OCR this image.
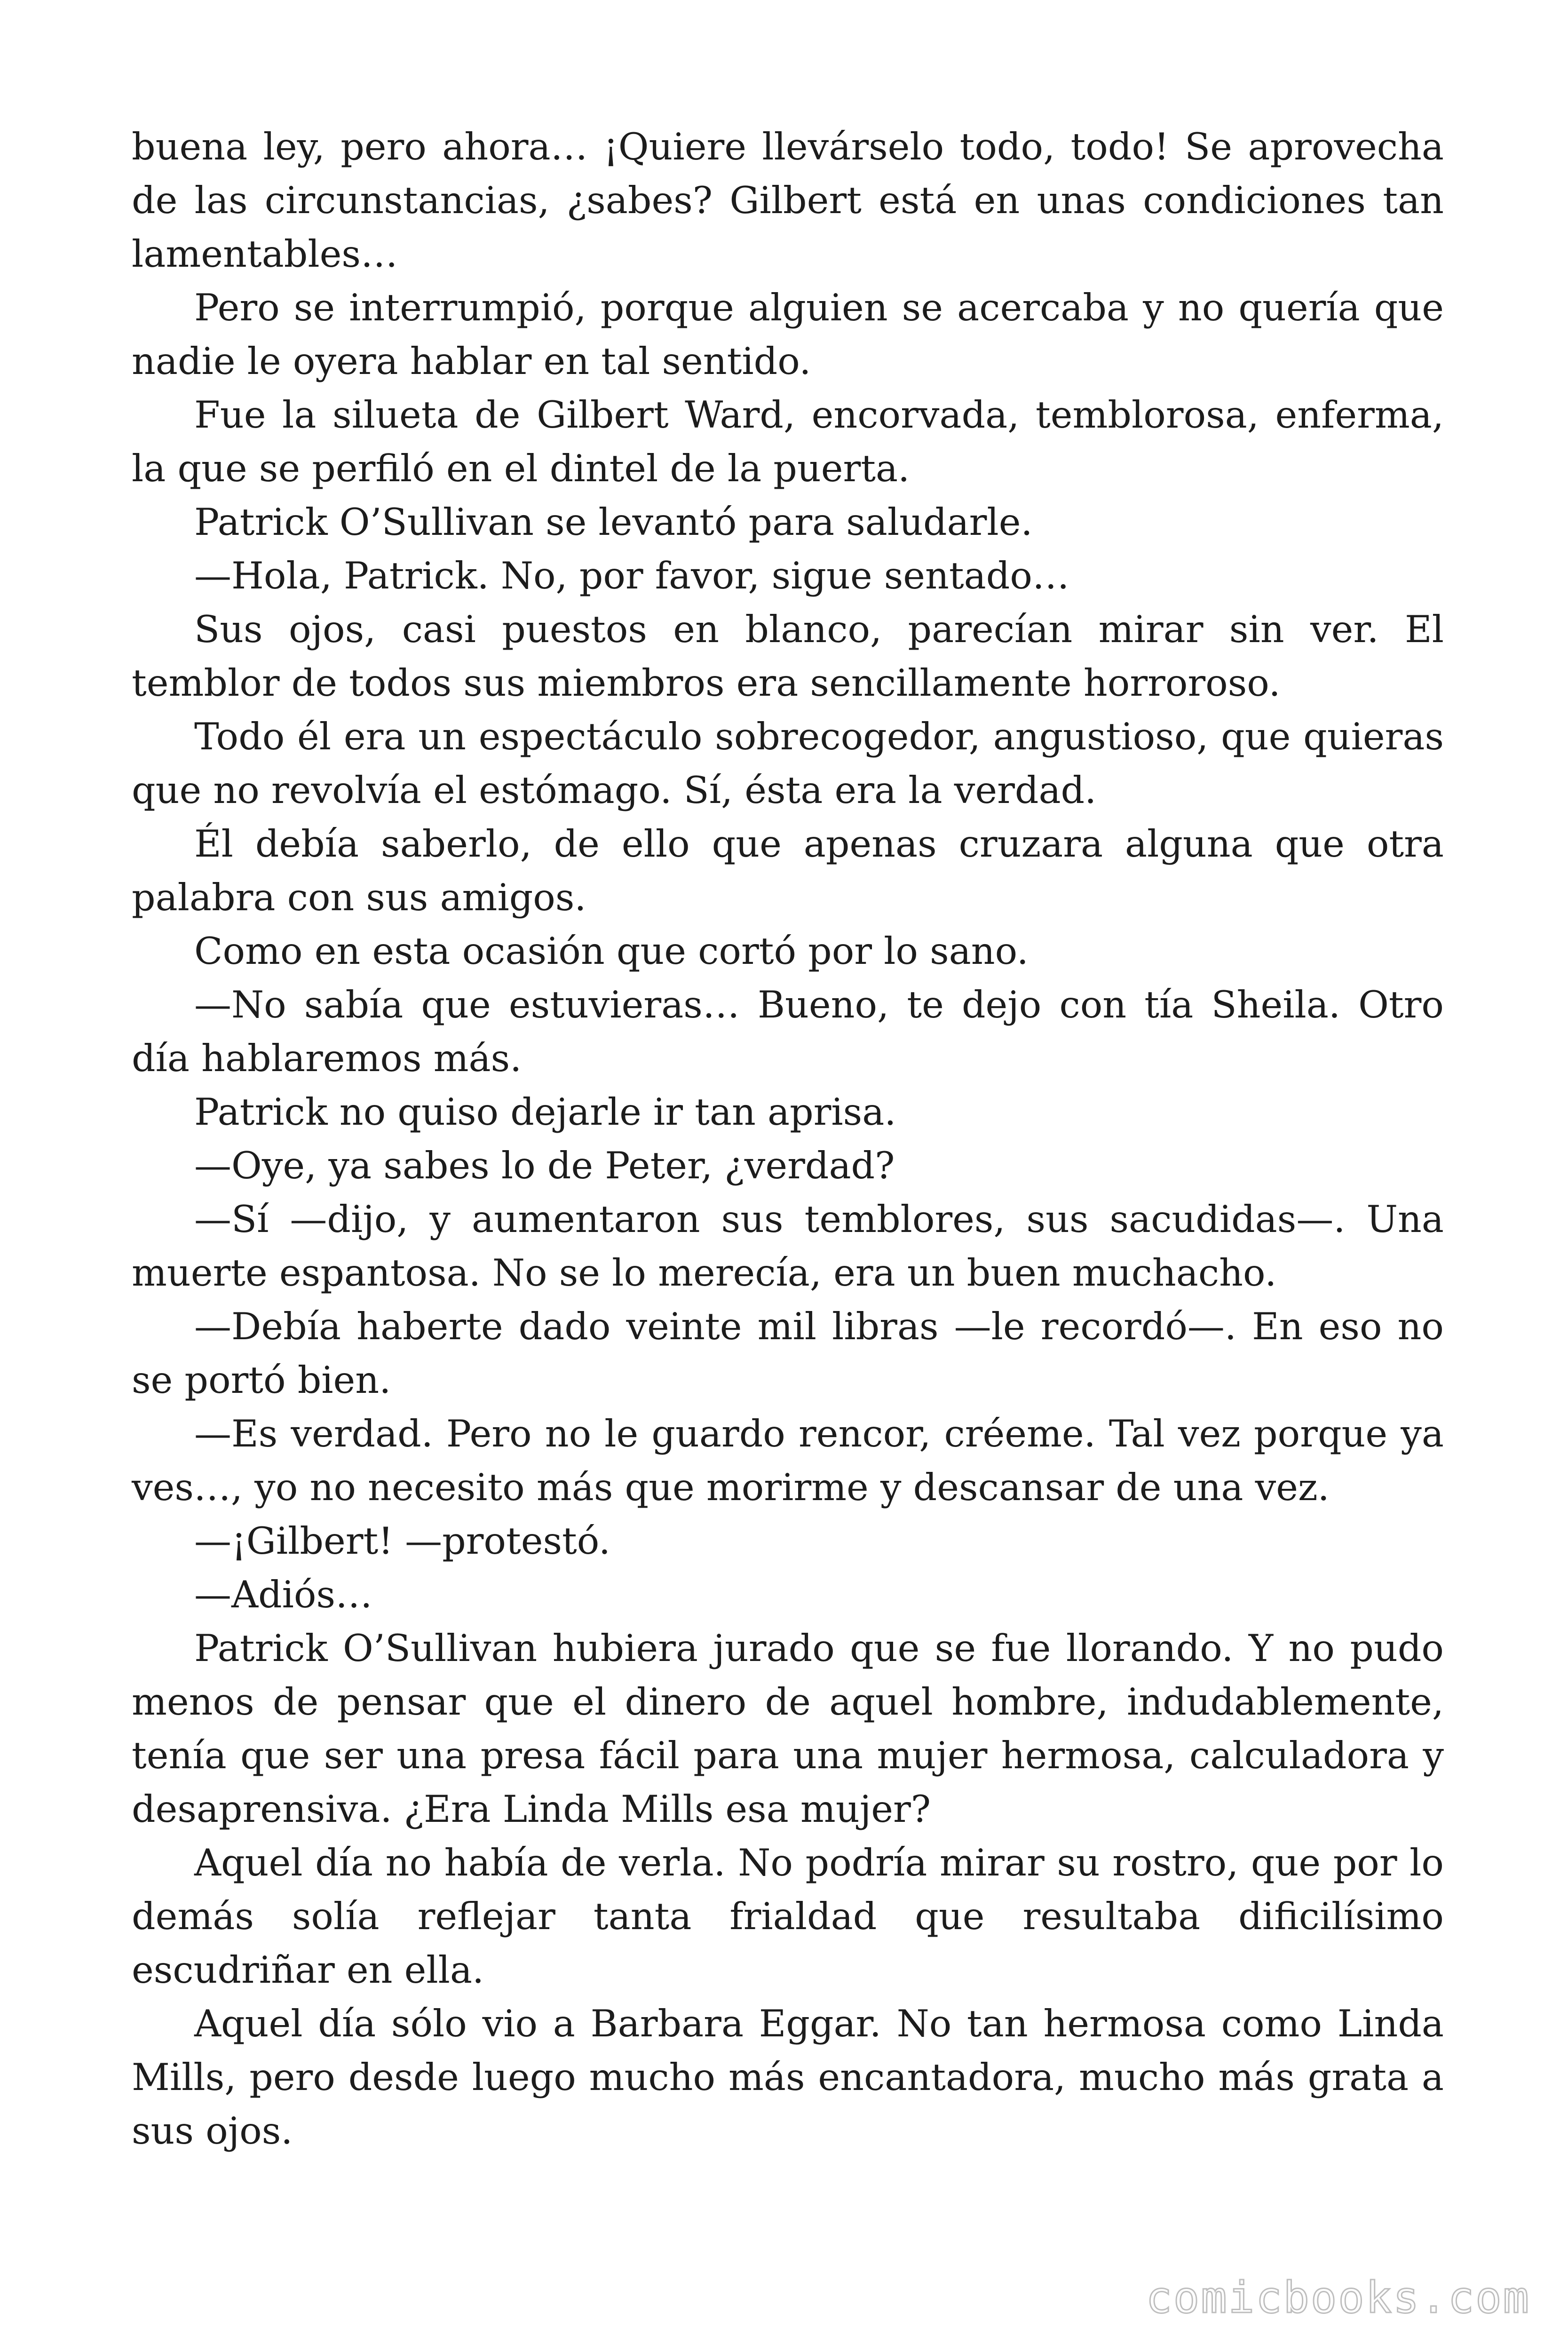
buena ley, pero ahora… ¡Quiere llevárselo todo, todo! Se aprovecha de las circunstancias, ¿sabes? Gilbert está en unas condiciones tan lamentables…

Pero se interrumpió, porque alguien se acercaba y no quería que nadie le oyera hablar en tal sentido.

Fue la silueta de Gilbert Ward, encorvada, temblorosa, enferma, la que se perfiló en el dintel de la puerta.

Patrick O’Sullivan se levantó para saludarle.

—Hola, Patrick. No, por favor, sigue sentado…

Sus ojos, casi puestos en blanco, parecían mirar sin ver. El temblor de todos sus miembros era sencillamente horroroso.

Todo él era un espectáculo sobrecogedor, angustioso, que quieras que no revolvía el estómago. Sí, ésta era la verdad.

Él debía saberlo, de ello que apenas cruzara alguna que otra palabra con sus amigos.

Como en esta ocasión que cortó por lo sano.

—No sabía que estuvieras… Bueno, te dejo con tía Sheila. Otro día hablaremos más.

Patrick no quiso dejarle ir tan aprisa.

—Oye, ya sabes lo de Peter, ¿verdad?

—Sí —dijo, y aumentaron sus temblores, sus sacudidas—. Una muerte espantosa. No se lo merecía, era un buen muchacho.

—Debía haberte dado veinte mil libras —le recordó—. En eso no se portó bien.

—Es verdad. Pero no le guardo rencor, créeme. Tal vez porque ya ves…, yo no necesito más que morirme y descansar de una vez.

—¡Gilbert! —protestó.

—Adiós…

Patrick O’Sullivan hubiera jurado que se fue llorando. Y no pudo menos de pensar que el dinero de aquel hombre, indudablemente, tenía que ser una presa fácil para una mujer hermosa, calculadora y desaprensiva. ¿Era Linda Mills esa mujer?

Aquel día no había de verla. No podría mirar su rostro, que por lo demás solía reflejar tanta frialdad que resultaba dificilísimo escudriñar en ella.

Aquel día sólo vio a Barbara Eggar. No tan hermosa como Linda Mills, pero desde luego mucho más encantadora, mucho más grata a sus ojos.

comicbooks.com
